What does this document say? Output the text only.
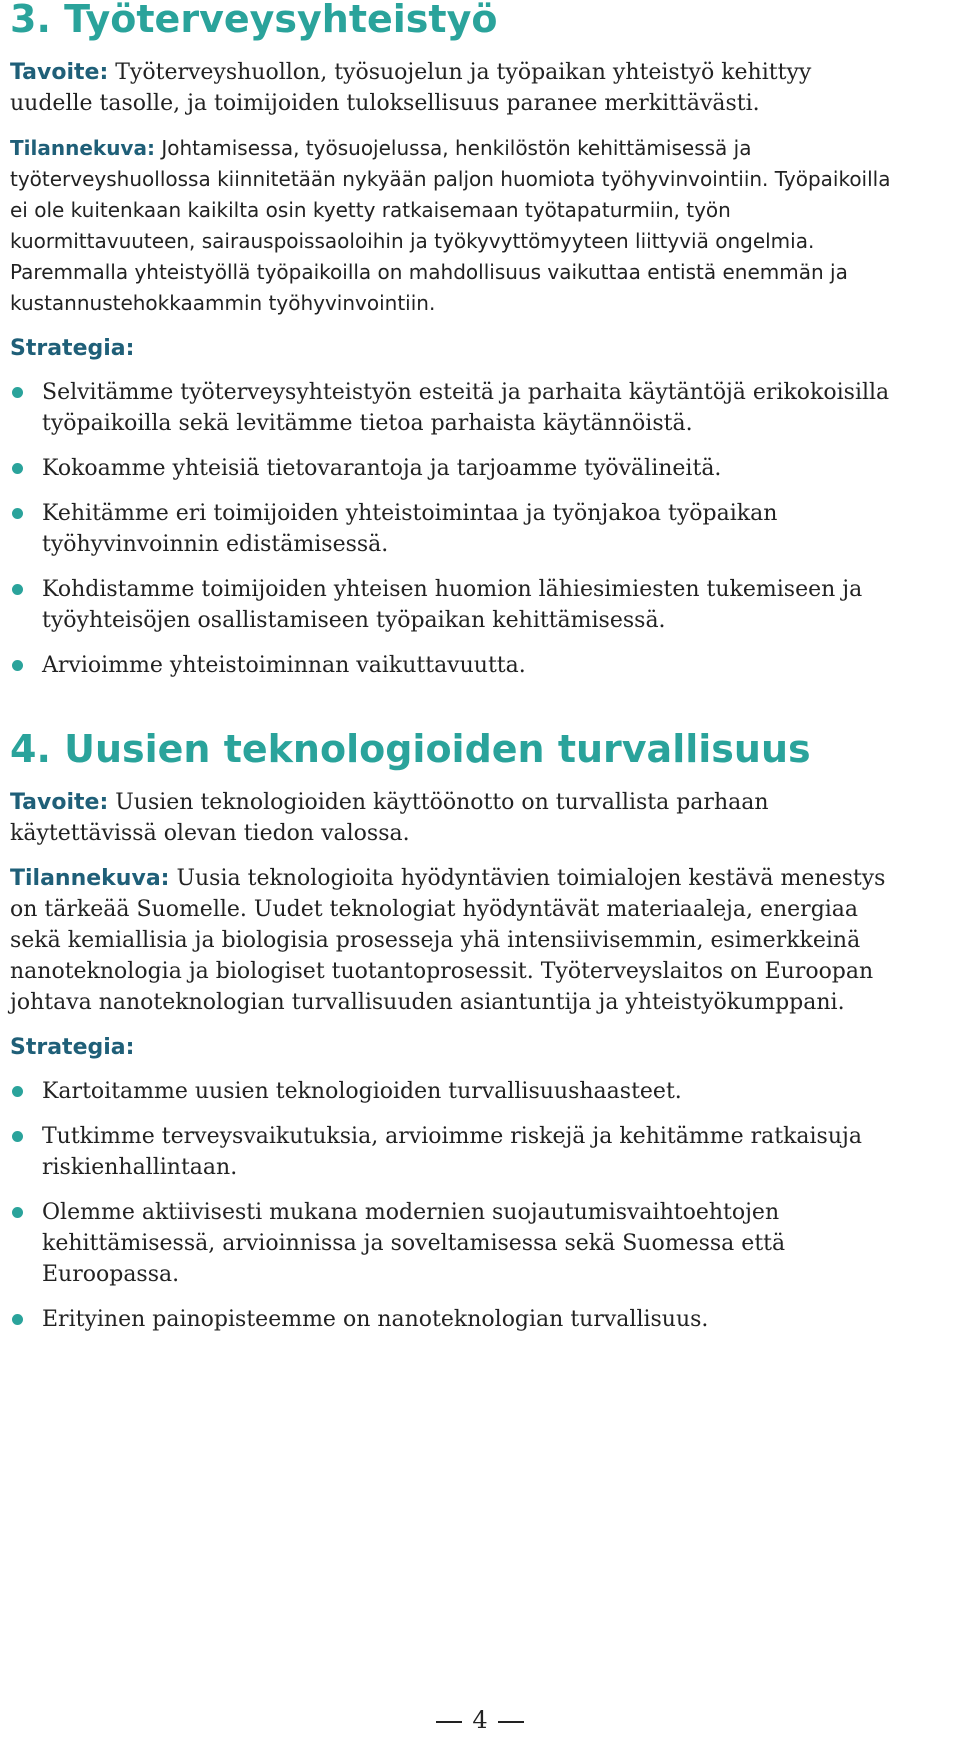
3. Työterveysyhteistyö

Tavoite: Työterveyshuollon, työsuojelun ja työpaikan yhteistyö kehittyy uudelle tasolle, ja toimijoiden tuloksellisuus paranee merkittävästi.

Tilannekuva: Johtamisessa, työsuojelussa, henkilöstön kehittämisessä ja työterveyshuollossa kiinnitetään nykyään paljon huomiota työhyvinvointiin. Työpaikoilla ei ole kuitenkaan kaikilta osin kyetty ratkaisemaan työtapaturmiin, työn kuormittavuuteen, sairauspoissaoloihin ja työkyvyttömyyteen liittyviä ongelmia. Paremmalla yhteistyöllä työpaikoilla on mahdollisuus vaikuttaa entistä enemmän ja kustannustehokkaammin työhyvinvointiin.

Strategia:
Selvitämme työterveysyhteistyön esteitä ja parhaita käytäntöjä erikokoisilla työpaikoilla sekä levitämme tietoa parhaista käytännöistä.
Kokoamme yhteisiä tietovarantoja ja tarjoamme työvälineitä.
Kehitämme eri toimijoiden yhteistoimintaa ja työnjakoa työpaikan työhyvinvoinnin edistämisessä.
Kohdistamme toimijoiden yhteisen huomion lähiesimiesten tukemiseen ja työyhteisöjen osallistamiseen työpaikan kehittämisessä.
Arvioimme yhteistoiminnan vaikuttavuutta.
4. Uusien teknologioiden turvallisuus

Tavoite: Uusien teknologioiden käyttöönotto on turvallista parhaan käytettävissä olevan tiedon valossa.

Tilannekuva: Uusia teknologioita hyödyntävien toimialojen kestävä menestys on tärkeää Suomelle. Uudet teknologiat hyödyntävät materiaaleja, energiaa sekä kemiallisia ja biologisia prosesseja yhä intensiivisemmin, esimerkkeinä nanoteknologia ja biologiset tuotantoprosessit. Työterveyslaitos on Euroopan johtava nanoteknologian turvallisuuden asiantuntija ja yhteistyökumppani.

Strategia:
Kartoitamme uusien teknologioiden turvallisuushaasteet.
Tutkimme terveysvaikutuksia, arvioimme riskejä ja kehitämme ratkaisuja riskienhallintaan.
Olemme aktiivisesti mukana modernien suojautumisvaihtoehtojen kehittämisessä, arvioinnissa ja soveltamisessa sekä Suomessa että Euroopassa.
Erityinen painopisteemme on nanoteknologian turvallisuus.
4
